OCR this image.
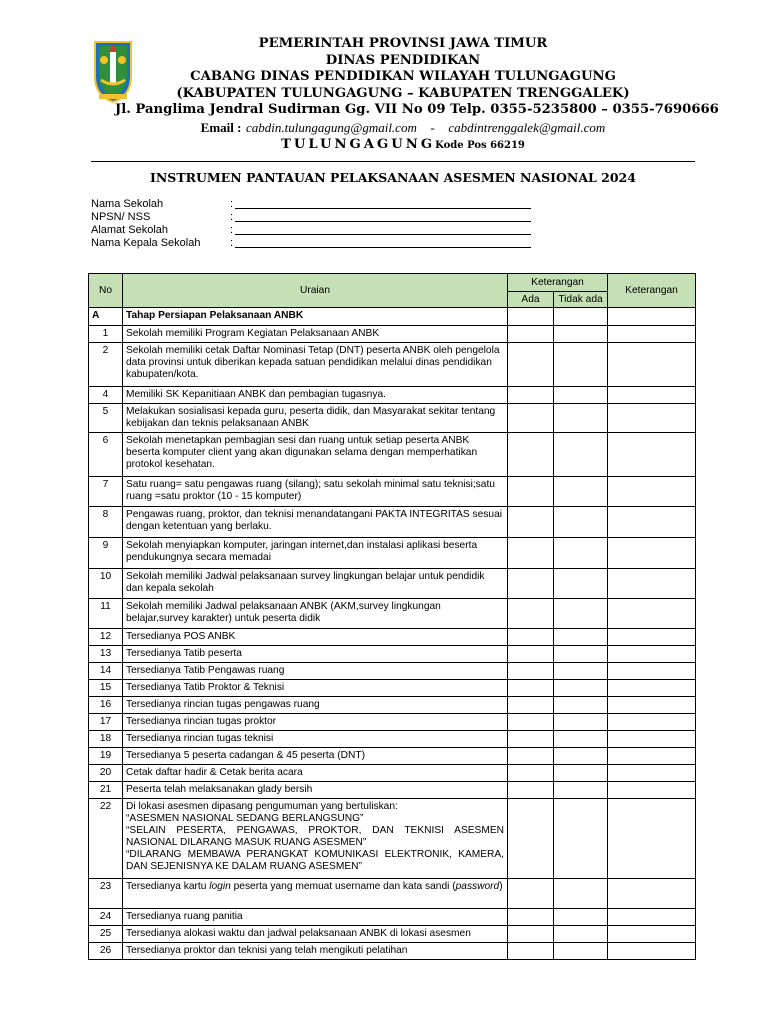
PEMERINTAH PROVINSI JAWA TIMUR
DINAS PENDIDIKAN
CABANG DINAS PENDIDIKAN WILAYAH TULUNGAGUNG
(KABUPATEN TULUNGAGUNG – KABUPATEN TRENGGALEK)
Jl. Panglima Jendral Sudirman Gg. VII No 09 Telp. 0355-5235800 – 0355-7690666
Email : cabdin.tulungagung@gmail.com - cabdintrenggalek@gmail.com
TULUNGAGUNGKode Pos 66219
INSTRUMEN PANTAUAN PELAKSANAAN ASESMEN NASIONAL 2024
Nama Sekolah	:
NPSN/ NSS	:
Alamat Sekolah	:
Nama Kepala Sekolah	:
No	Uraian	Keterangan		Keterangan
		Ada	Tidak ada	
A	Tahap Persiapan Pelaksanaan ANBK			
1	Sekolah memiliki Program Kegiatan Pelaksanaan ANBK			
2	Sekolah memiliki cetak Daftar Nominasi Tetap (DNT) peserta ANBK oleh pengelola data provinsi untuk diberikan kepada satuan pendidikan melalui dinas pendidikan kabupaten/kota.			
4	Memiliki SK Kepanitiaan ANBK dan pembagian tugasnya.			
5	Melakukan sosialisasi kepada guru, peserta didik, dan Masyarakat sekitar tentang kebijakan dan teknis pelaksanaan ANBK			
6	Sekolah menetapkan pembagian sesi dan ruang untuk setiap peserta ANBK beserta komputer client yang akan digunakan selama dengan memperhatikan protokol kesehatan.			
7	Satu ruang= satu pengawas ruang (silang); satu sekolah minimal satu teknisi;satu ruang =satu proktor (10 - 15 komputer)			
8	Pengawas ruang, proktor, dan teknisi menandatangani PAKTA INTEGRITAS sesuai dengan ketentuan yang berlaku.			
9	Sekolah menyiapkan komputer, jaringan internet,dan instalasi aplikasi beserta pendukungnya secara memadai			
10	Sekolah memiliki Jadwal pelaksanaan survey lingkungan belajar untuk pendidik dan kepala sekolah			
11	Sekolah memiliki Jadwal pelaksanaan ANBK (AKM,survey lingkungan belajar,survey karakter) untuk peserta didik			
12	Tersedianya POS ANBK			
13	Tersedianya Tatib peserta			
14	Tersedianya Tatib Pengawas ruang			
15	Tersedianya Tatib Proktor & Teknisi			
16	Tersedianya rincian tugas pengawas ruang			
17	Tersedianya rincian tugas proktor			
18	Tersedianya rincian tugas teknisi			
19	Tersedianya 5 peserta cadangan & 45 peserta (DNT)			
20	Cetak daftar hadir & Cetak berita acara			
21	Peserta telah melaksanakan glady bersih			
22	Di lokasi asesmen dipasang pengumuman yang bertuliskan:
“ASESMEN NASIONAL SEDANG BERLANGSUNG”
“SELAIN PESERTA, PENGAWAS, PROKTOR, DAN TEKNISI ASESMEN NASIONAL DILARANG MASUK RUANG ASESMEN”
“DILARANG MEMBAWA PERANGKAT KOMUNIKASI ELEKTRONIK, KAMERA, DAN SEJENISNYA KE DALAM RUANG ASESMEN”			

23	Tersedianya kartu login peserta yang memuat username dan kata sandi (password)			
24	Tersedianya ruang panitia			
25	Tersedianya alokasi waktu dan jadwal pelaksanaan ANBK di lokasi asesmen			
26	Tersedianya proktor dan teknisi yang telah mengikuti pelatihan			
